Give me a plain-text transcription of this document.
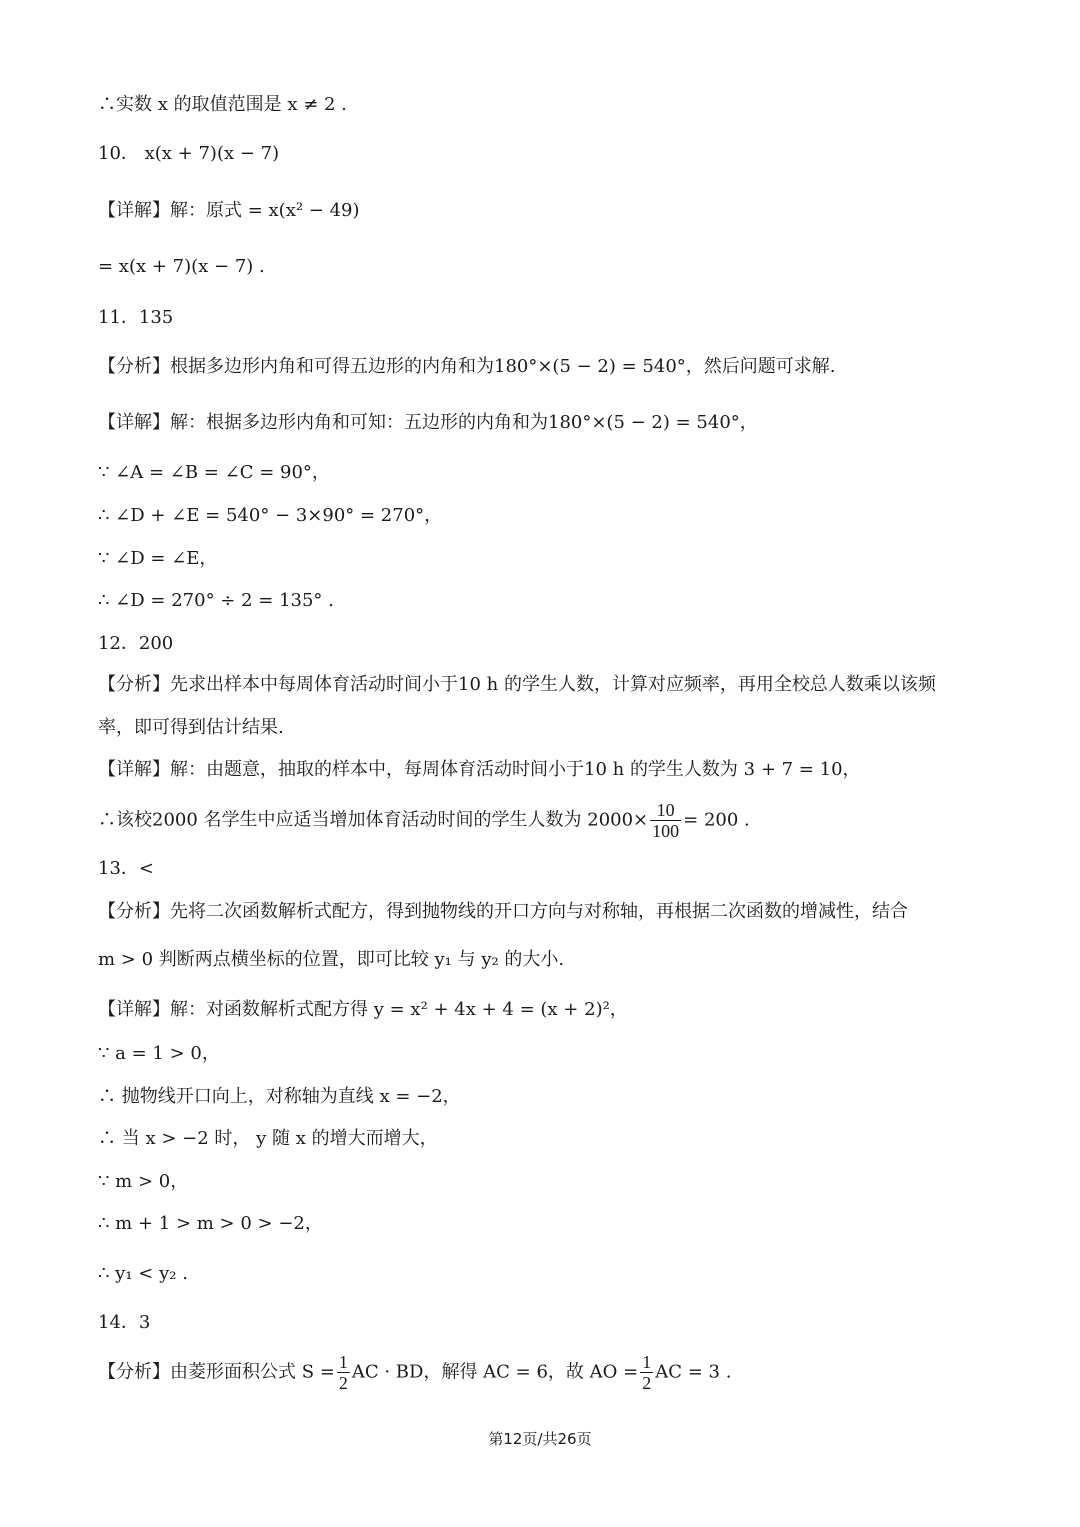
∴实数 x 的取值范围是 x ≠ 2 .
10． x(x + 7)(x − 7)
【详解】解：原式 = x(x² − 49)
= x(x + 7)(x − 7) .
11．135
【分析】根据多边形内角和可得五边形的内角和为180°×(5 − 2) = 540°，然后问题可求解.
【详解】解：根据多边形内角和可知：五边形的内角和为180°×(5 − 2) = 540°，
∵ ∠A = ∠B = ∠C = 90°，
∴ ∠D + ∠E = 540° − 3×90° = 270°，
∵ ∠D = ∠E，
∴ ∠D = 270° ÷ 2 = 135° .
12．200
【分析】先求出样本中每周体育活动时间小于10 h 的学生人数，计算对应频率，再用全校总人数乘以该频
率，即可得到估计结果.
【详解】解：由题意，抽取的样本中，每周体育活动时间小于10 h 的学生人数为 3 + 7 = 10，
∴该校2000 名学生中应适当增加体育活动时间的学生人数为 $2000\times \frac{10}{100} = 200$ .
13．<
【分析】先将二次函数解析式配方，得到抛物线的开口方向与对称轴，再根据二次函数的增减性，结合
m > 0 判断两点横坐标的位置，即可比较 y₁ 与 y₂ 的大小.
【详解】解：对函数解析式配方得 y = x² + 4x + 4 = (x + 2)²，
∵ a = 1 > 0，
∴ 抛物线开口向上，对称轴为直线 x = −2，
∴ 当 x > −2 时， y 随 x 的增大而增大，
∵ m > 0，
∴ m + 1 > m > 0 > −2，
∴ y₁ < y₂ .
14．3
【分析】由菱形面积公式 $S = \frac{1}{2}$ AC · BD，解得 AC = 6，故 AO = $\frac{1}{2}$ AC = 3 .
第12页/共26页
